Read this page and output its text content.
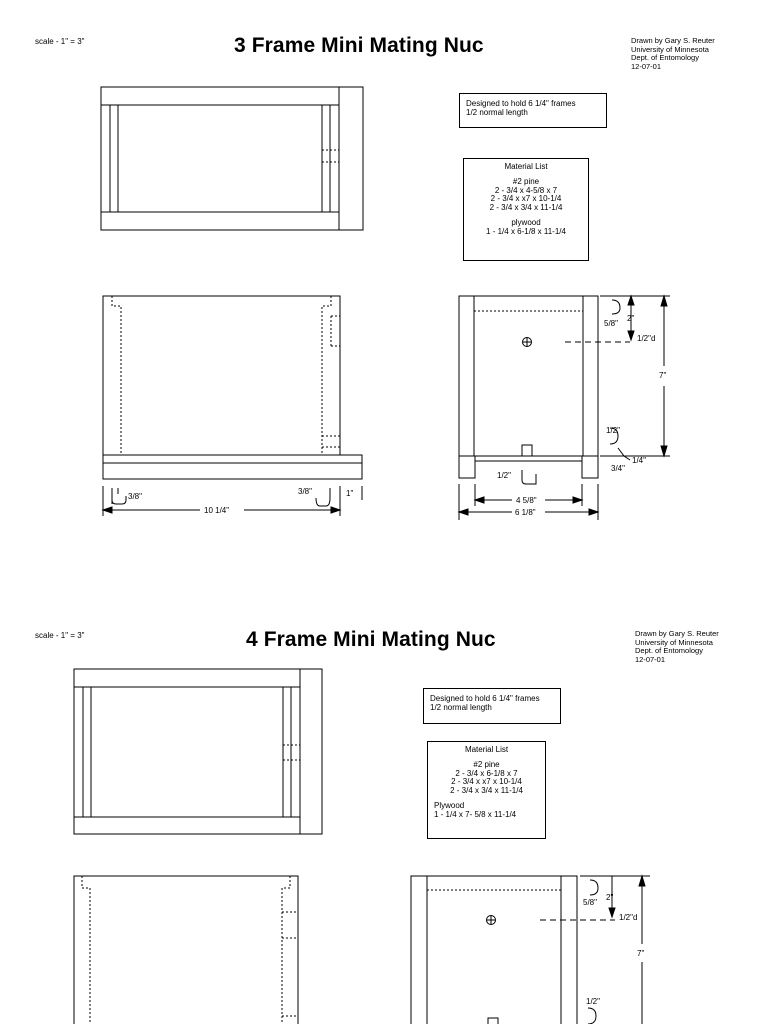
scale - 1" = 3"	3 Frame Mini Mating Nuc	Drawn by Gary S. Reuter
University of Minnesota
Dept. of Entomology
12-07-01
Designed to hold 6 1/4" frames
1/2 normal length
Material List
#2 pine
2 - 3/4 x 4-5/8 x 7
2 - 3/4 x x7 x 10-1/4
2 - 3/4 x 3/4 x 11-1/4
plywood
1 - 1/4 x 6-1/8 x 11-1/4
3/8"
3/8"	1"
10 1/4"
5/8"
2"
1/2"d
7"
1/2"
1/4"
3/4"
1/2"
4 5/8"
6 1/8"
scale - 1" = 3"	4 Frame Mini Mating Nuc	Drawn by Gary S. Reuter
University of Minnesota
Dept. of Entomology
12-07-01
Designed to hold 6 1/4" frames
1/2 normal length
Material List
#2 pine
2 - 3/4 x 6-1/8 x 7
2 - 3/4 x x7 x 10-1/4
2 - 3/4 x 3/4 x 11-1/4
Plywood
1 - 1/4 x 7- 5/8 x 11-1/4
5/8"
2"
1/2"d
7"
1/2"
